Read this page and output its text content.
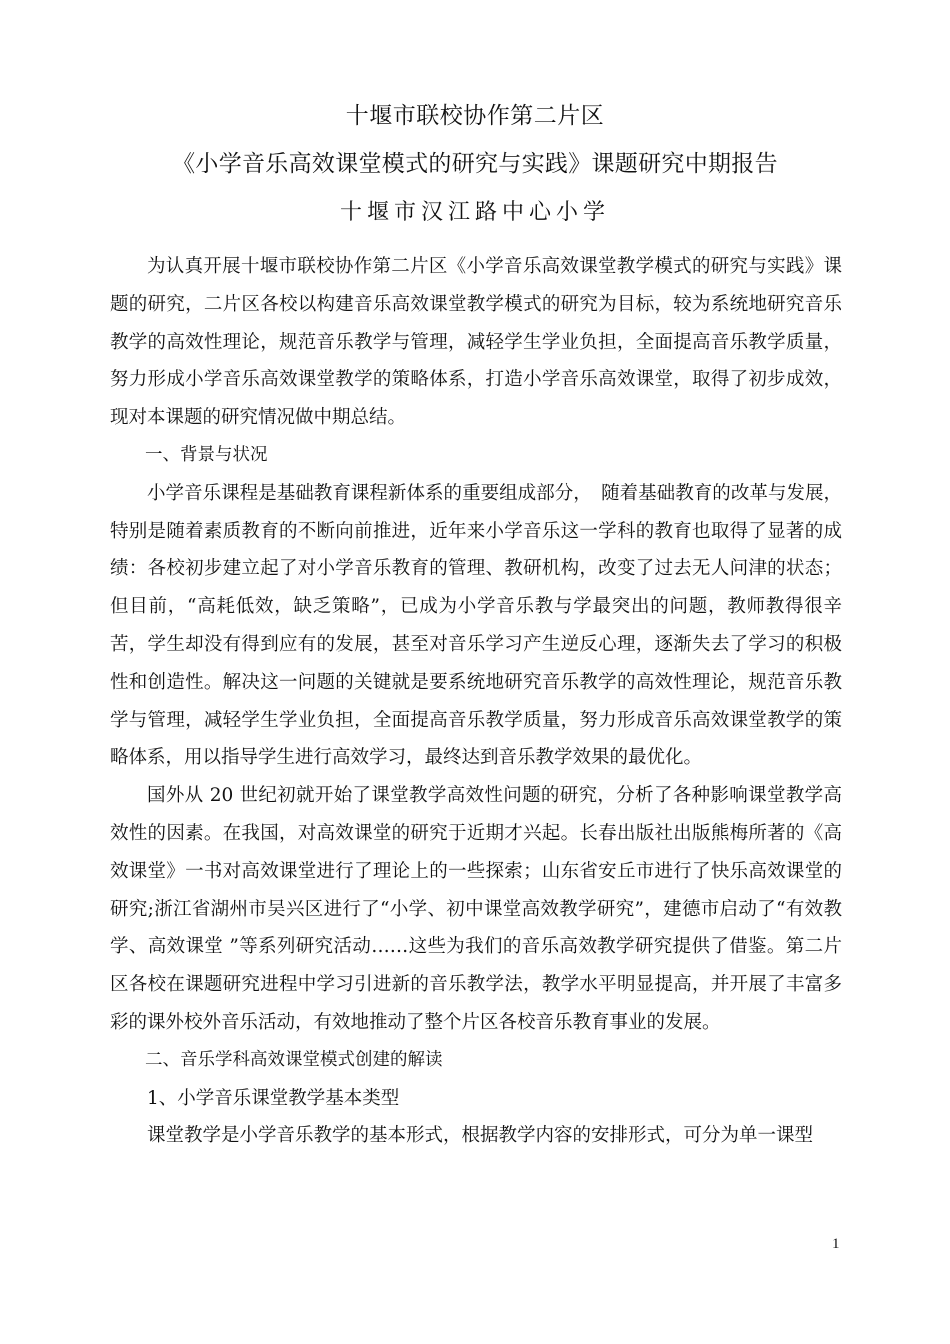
十堰市联校协作第二片区
《小学音乐高效课堂模式的研究与实践》课题研究中期报告
十堰市汉江路中心小学

为认真开展十堰市联校协作第二片区《小学音乐高效课堂教学模式的研究与实践》课题的研究，二片区各校以构建音乐高效课堂教学模式的研究为目标，较为系统地研究音乐教学的高效性理论，规范音乐教学与管理，减轻学生学业负担，全面提高音乐教学质量，努力形成小学音乐高效课堂教学的策略体系，打造小学音乐高效课堂，取得了初步成效，现对本课题的研究情况做中期总结。

一、背景与状况

小学音乐课程是基础教育课程新体系的重要组成部分，　随着基础教育的改革与发展，特别是随着素质教育的不断向前推进，近年来小学音乐这一学科的教育也取得了显著的成绩：各校初步建立起了对小学音乐教育的管理、教研机构，改变了过去无人问津的状态；但目前，“高耗低效，缺乏策略”，已成为小学音乐教与学最突出的问题，教师教得很辛苦，学生却没有得到应有的发展，甚至对音乐学习产生逆反心理，逐渐失去了学习的积极性和创造性。解决这一问题的关键就是要系统地研究音乐教学的高效性理论，规范音乐教学与管理，减轻学生学业负担，全面提高音乐教学质量，努力形成音乐高效课堂教学的策略体系，用以指导学生进行高效学习，最终达到音乐教学效果的最优化。

国外从 20 世纪初就开始了课堂教学高效性问题的研究，分析了各种影响课堂教学高效性的因素。在我国，对高效课堂的研究于近期才兴起。长春出版社出版熊梅所著的《高效课堂》一书对高效课堂进行了理论上的一些探索；山东省安丘市进行了快乐高效课堂的研究;浙江省湖州市吴兴区进行了“小学、初中课堂高效教学研究”，建德市启动了“有效教学、高效课堂 ”等系列研究活动……这些为我们的音乐高效教学研究提供了借鉴。第二片区各校在课题研究进程中学习引进新的音乐教学法，教学水平明显提高，并开展了丰富多彩的课外校外音乐活动，有效地推动了整个片区各校音乐教育事业的发展。

二、音乐学科高效课堂模式创建的解读

1、小学音乐课堂教学基本类型

课堂教学是小学音乐教学的基本形式，根据教学内容的安排形式，可分为单一课型

1
